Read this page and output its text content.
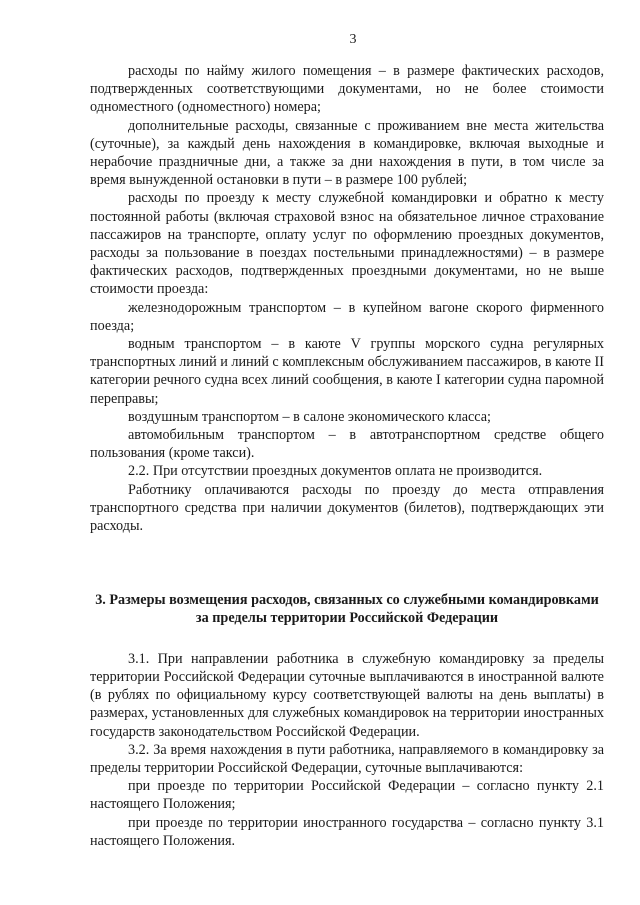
3

расходы по найму жилого помещения – в размере фактических расходов, подтвержденных соответствующими документами, но не более стоимости одноместного (одноместного) номера;

дополнительные расходы, связанные с проживанием вне места жительства (суточные), за каждый день нахождения в командировке, включая выходные и нерабочие праздничные дни, а также за дни нахождения в пути, в том числе за время вынужденной остановки в пути – в размере 100 рублей;

расходы по проезду к месту служебной командировки и обратно к месту постоянной работы (включая страховой взнос на обязательное личное страхование пассажиров на транспорте, оплату услуг по оформлению проездных документов, расходы за пользование в поездах постельными принадлежностями) – в размере фактических расходов, подтвержденных проездными документами, но не выше стоимости проезда:

железнодорожным транспортом – в купейном вагоне скорого фирменного поезда;

водным транспортом – в каюте V группы морского судна регулярных транспортных линий и линий с комплексным обслуживанием пассажиров, в каюте II категории речного судна всех линий сообщения, в каюте I категории судна паромной переправы;

воздушным транспортом – в салоне экономического класса;

автомобильным транспортом – в автотранспортном средстве общего пользования (кроме такси).

2.2. При отсутствии проездных документов оплата не производится.

Работнику оплачиваются расходы по проезду до места отправления транспортного средства при наличии документов (билетов), подтверждающих эти расходы.

3. Размеры возмещения расходов, связанных со служебными командировками за пределы территории Российской Федерации

3.1. При направлении работника в служебную командировку за пределы территории Российской Федерации суточные выплачиваются в иностранной валюте (в рублях по официальному курсу соответствующей валюты на день выплаты) в размерах, установленных для служебных командировок на территории иностранных государств законодательством Российской Федерации.

3.2. За время нахождения в пути работника, направляемого в командировку за пределы территории Российской Федерации, суточные выплачиваются:

при проезде по территории Российской Федерации – согласно пункту 2.1 настоящего Положения;

при проезде по территории иностранного государства – согласно пункту 3.1 настоящего Положения.
